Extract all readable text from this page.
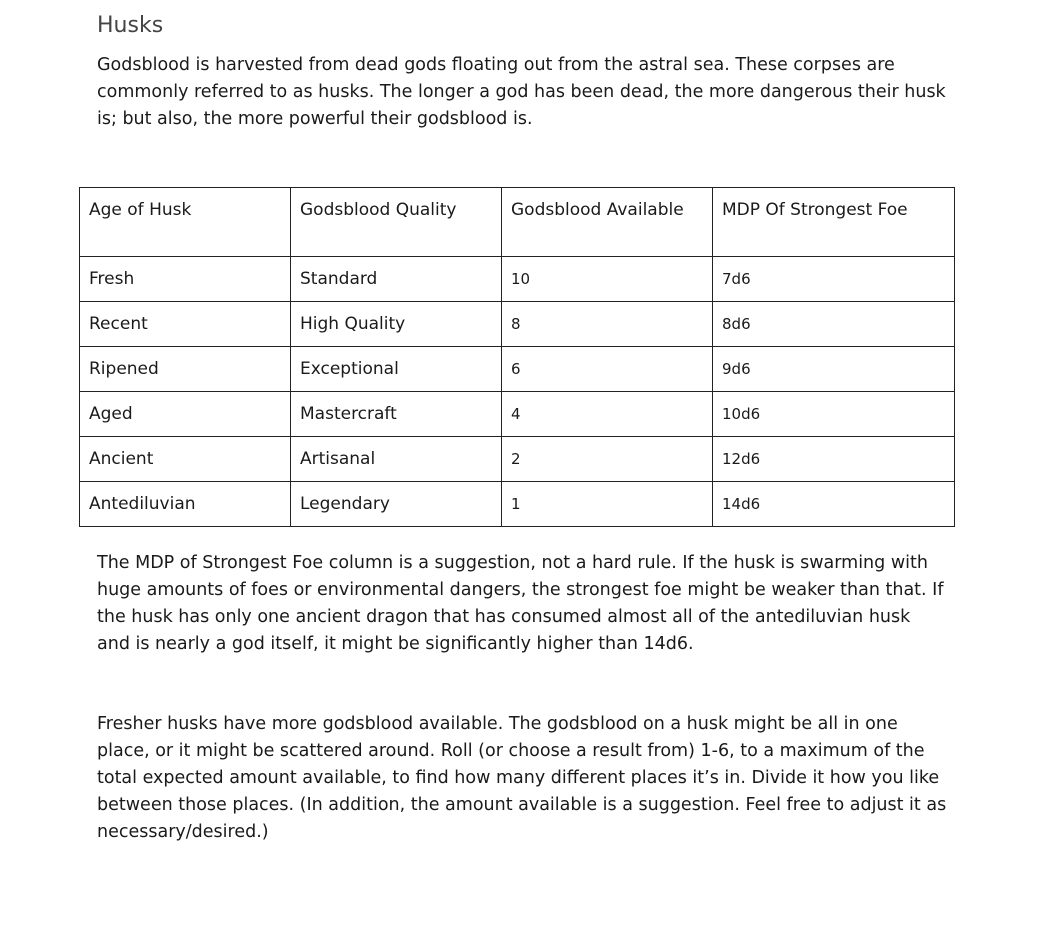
Husks

Godsblood is harvested from dead gods floating out from the astral sea. These corpses are commonly referred to as husks. The longer a god has been dead, the more dangerous their husk is; but also, the more powerful their godsblood is.

Age of Husk	Godsblood Quality	Godsblood Available	MDP Of Strongest Foe
Fresh	Standard	10	7d6
Recent	High Quality	8	8d6
Ripened	Exceptional	6	9d6
Aged	Mastercraft	4	10d6
Ancient	Artisanal	2	12d6
Antediluvian	Legendary	1	14d6

The MDP of Strongest Foe column is a suggestion, not a hard rule. If the husk is swarming with huge amounts of foes or environmental dangers, the strongest foe might be weaker than that. If the husk has only one ancient dragon that has consumed almost all of the antediluvian husk and is nearly a god itself, it might be significantly higher than 14d6.

Fresher husks have more godsblood available. The godsblood on a husk might be all in one place, or it might be scattered around. Roll (or choose a result from) 1-6, to a maximum of the total expected amount available, to find how many different places it’s in. Divide it how you like between those places. (In addition, the amount available is a suggestion. Feel free to adjust it as necessary/desired.)
